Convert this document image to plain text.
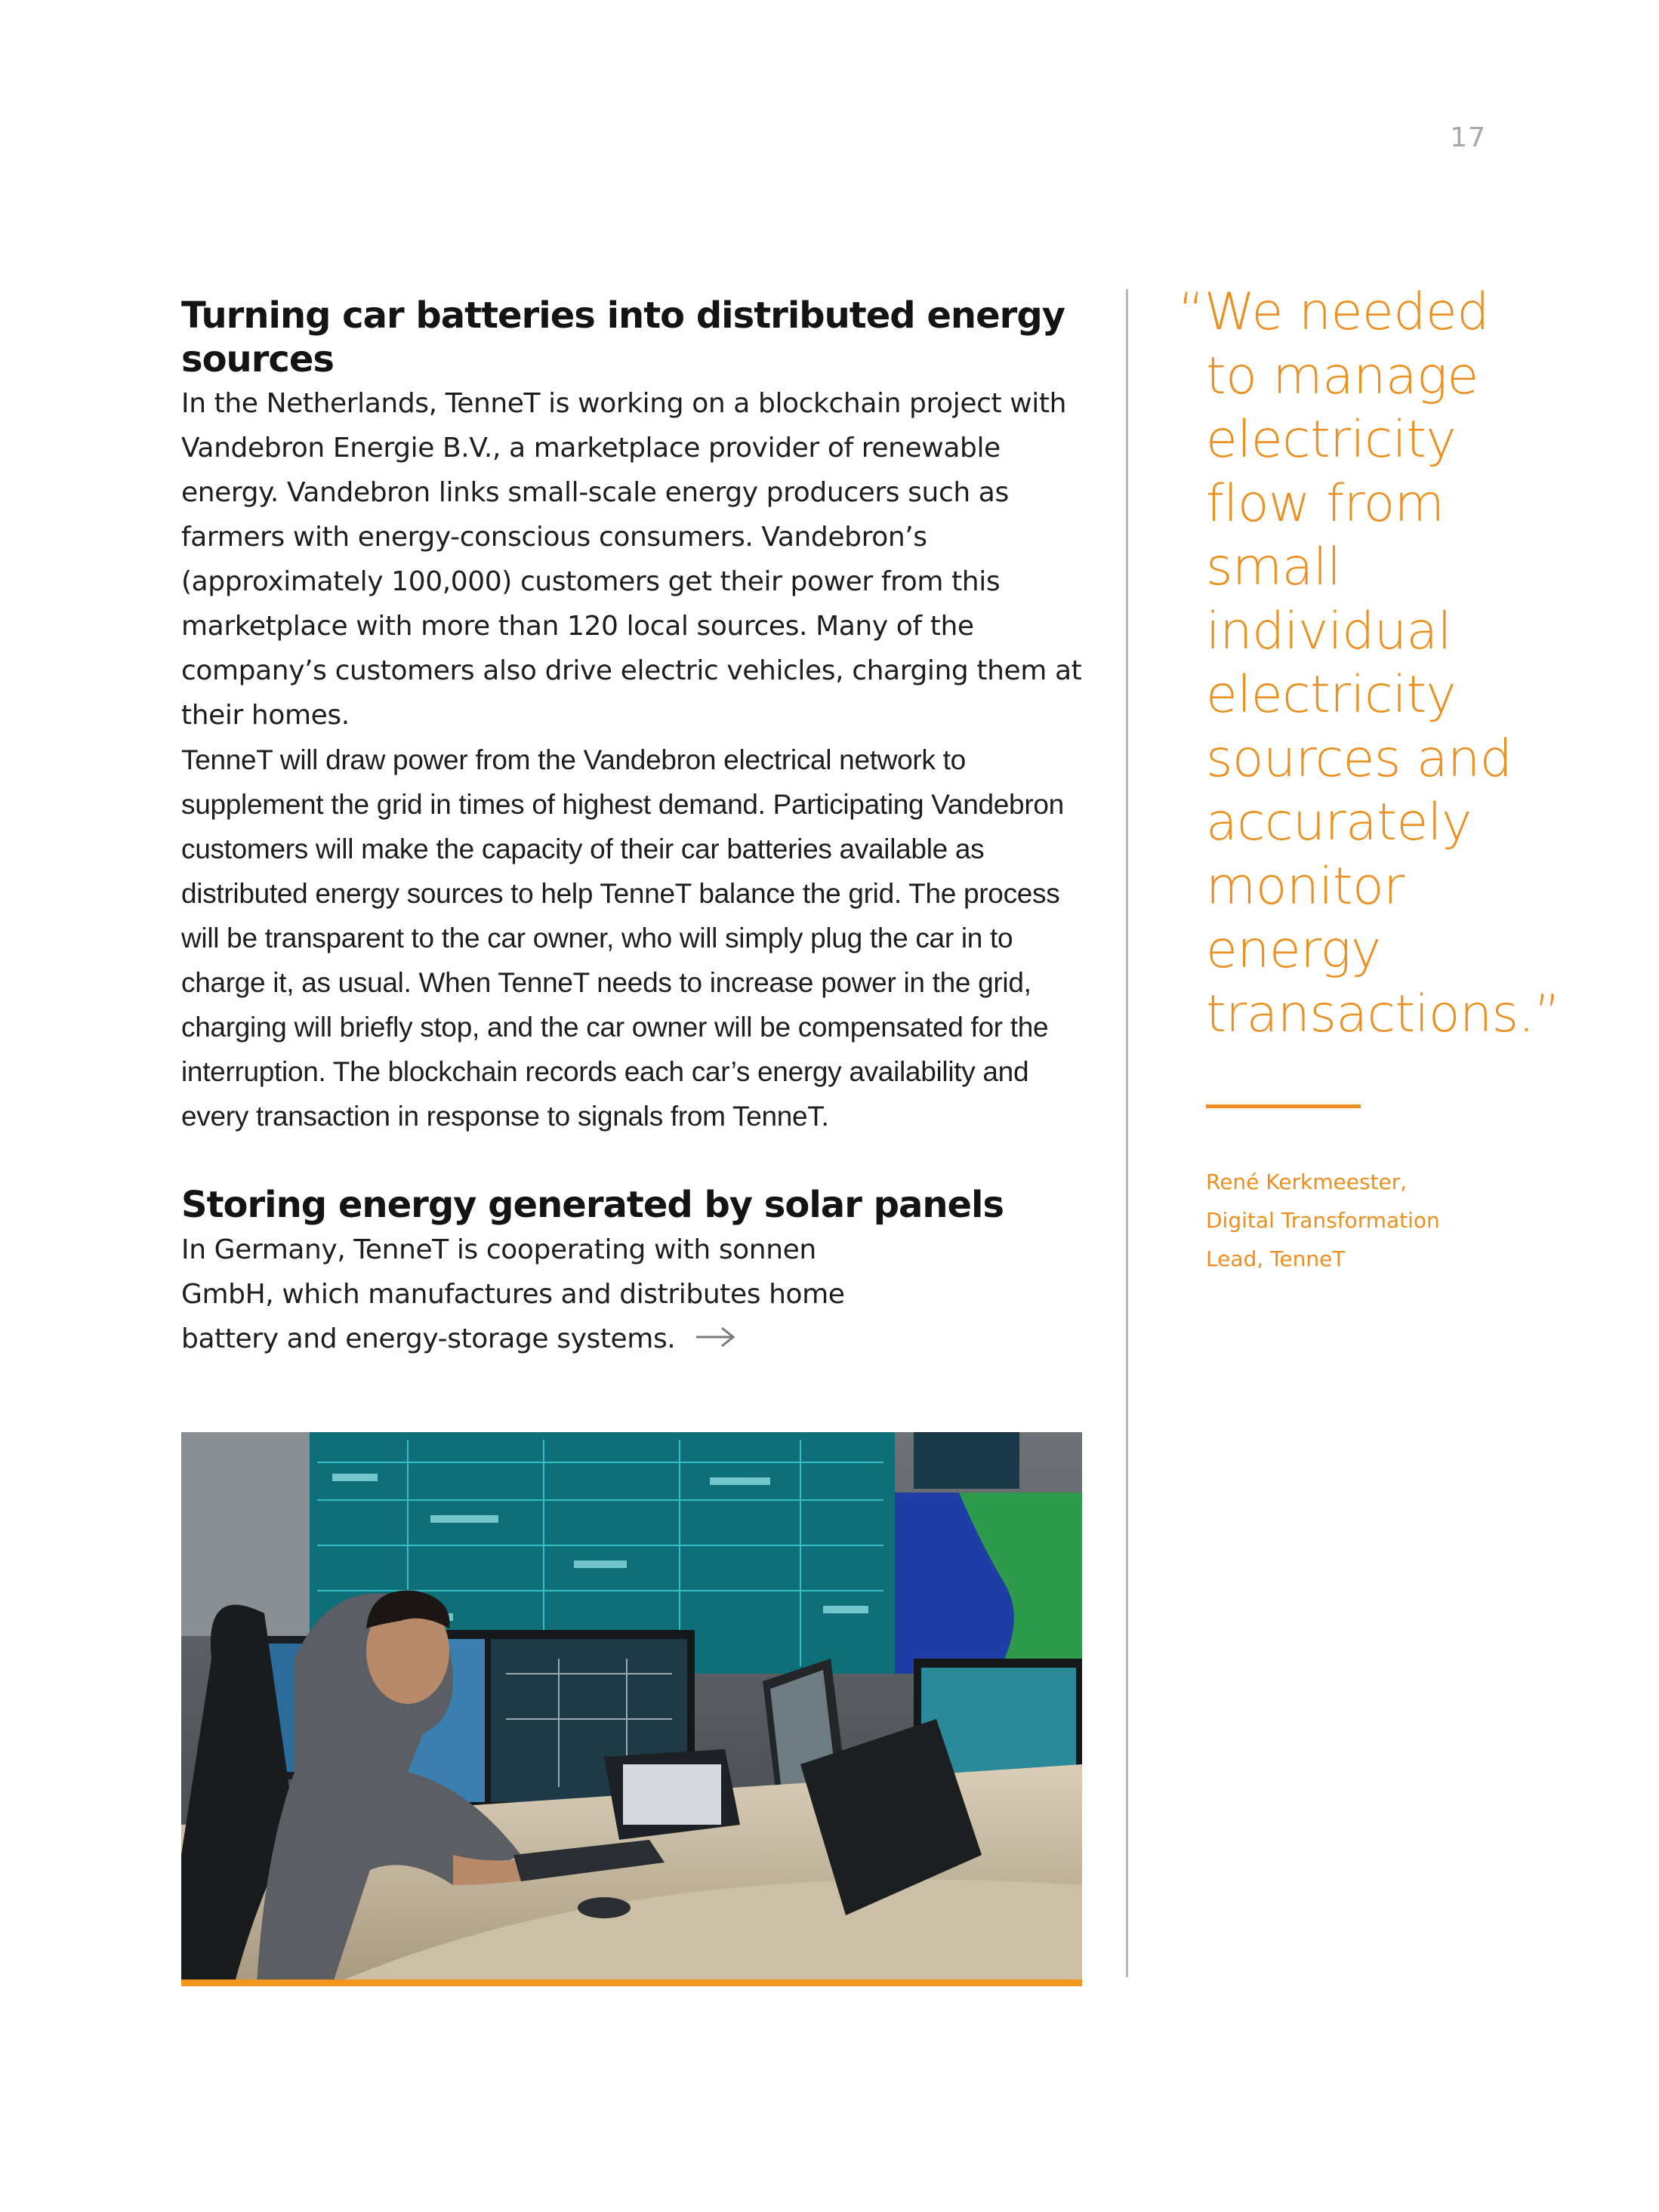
17
Turning car batteries into distributed energy sources

In the Netherlands, TenneT is working on a blockchain project with Vandebron Energie B.V., a marketplace provider of renewable energy. Vandebron links small-scale energy producers such as farmers with energy-conscious consumers. Vandebron’s (approximately 100,000) customers get their power from this marketplace with more than 120 local sources. Many of the company’s customers also drive electric vehicles, charging them at their homes.

TenneT will draw power from the Vandebron electrical network to supplement the grid in times of highest demand. Participating Vandebron customers will make the capacity of their car batteries available as distributed energy sources to help TenneT balance the grid. The process will be transparent to the car owner, who will simply plug the car in to charge it, as usual. When TenneT needs to increase power in the grid, charging will briefly stop, and the car owner will be compensated for the interruption. The blockchain records each car’s energy availability and every transaction in response to signals from TenneT.

Storing energy generated by solar panels

In Germany, TenneT is cooperating with sonnen GmbH, which manufactures and distributes home battery and energy-storage systems.

“We needed
to manage
electricity
flow from
small
individual
electricity
sources and
accurately
monitor
energy
transactions.”
René Kerkmeester,
Digital Transformation
Lead, TenneT
